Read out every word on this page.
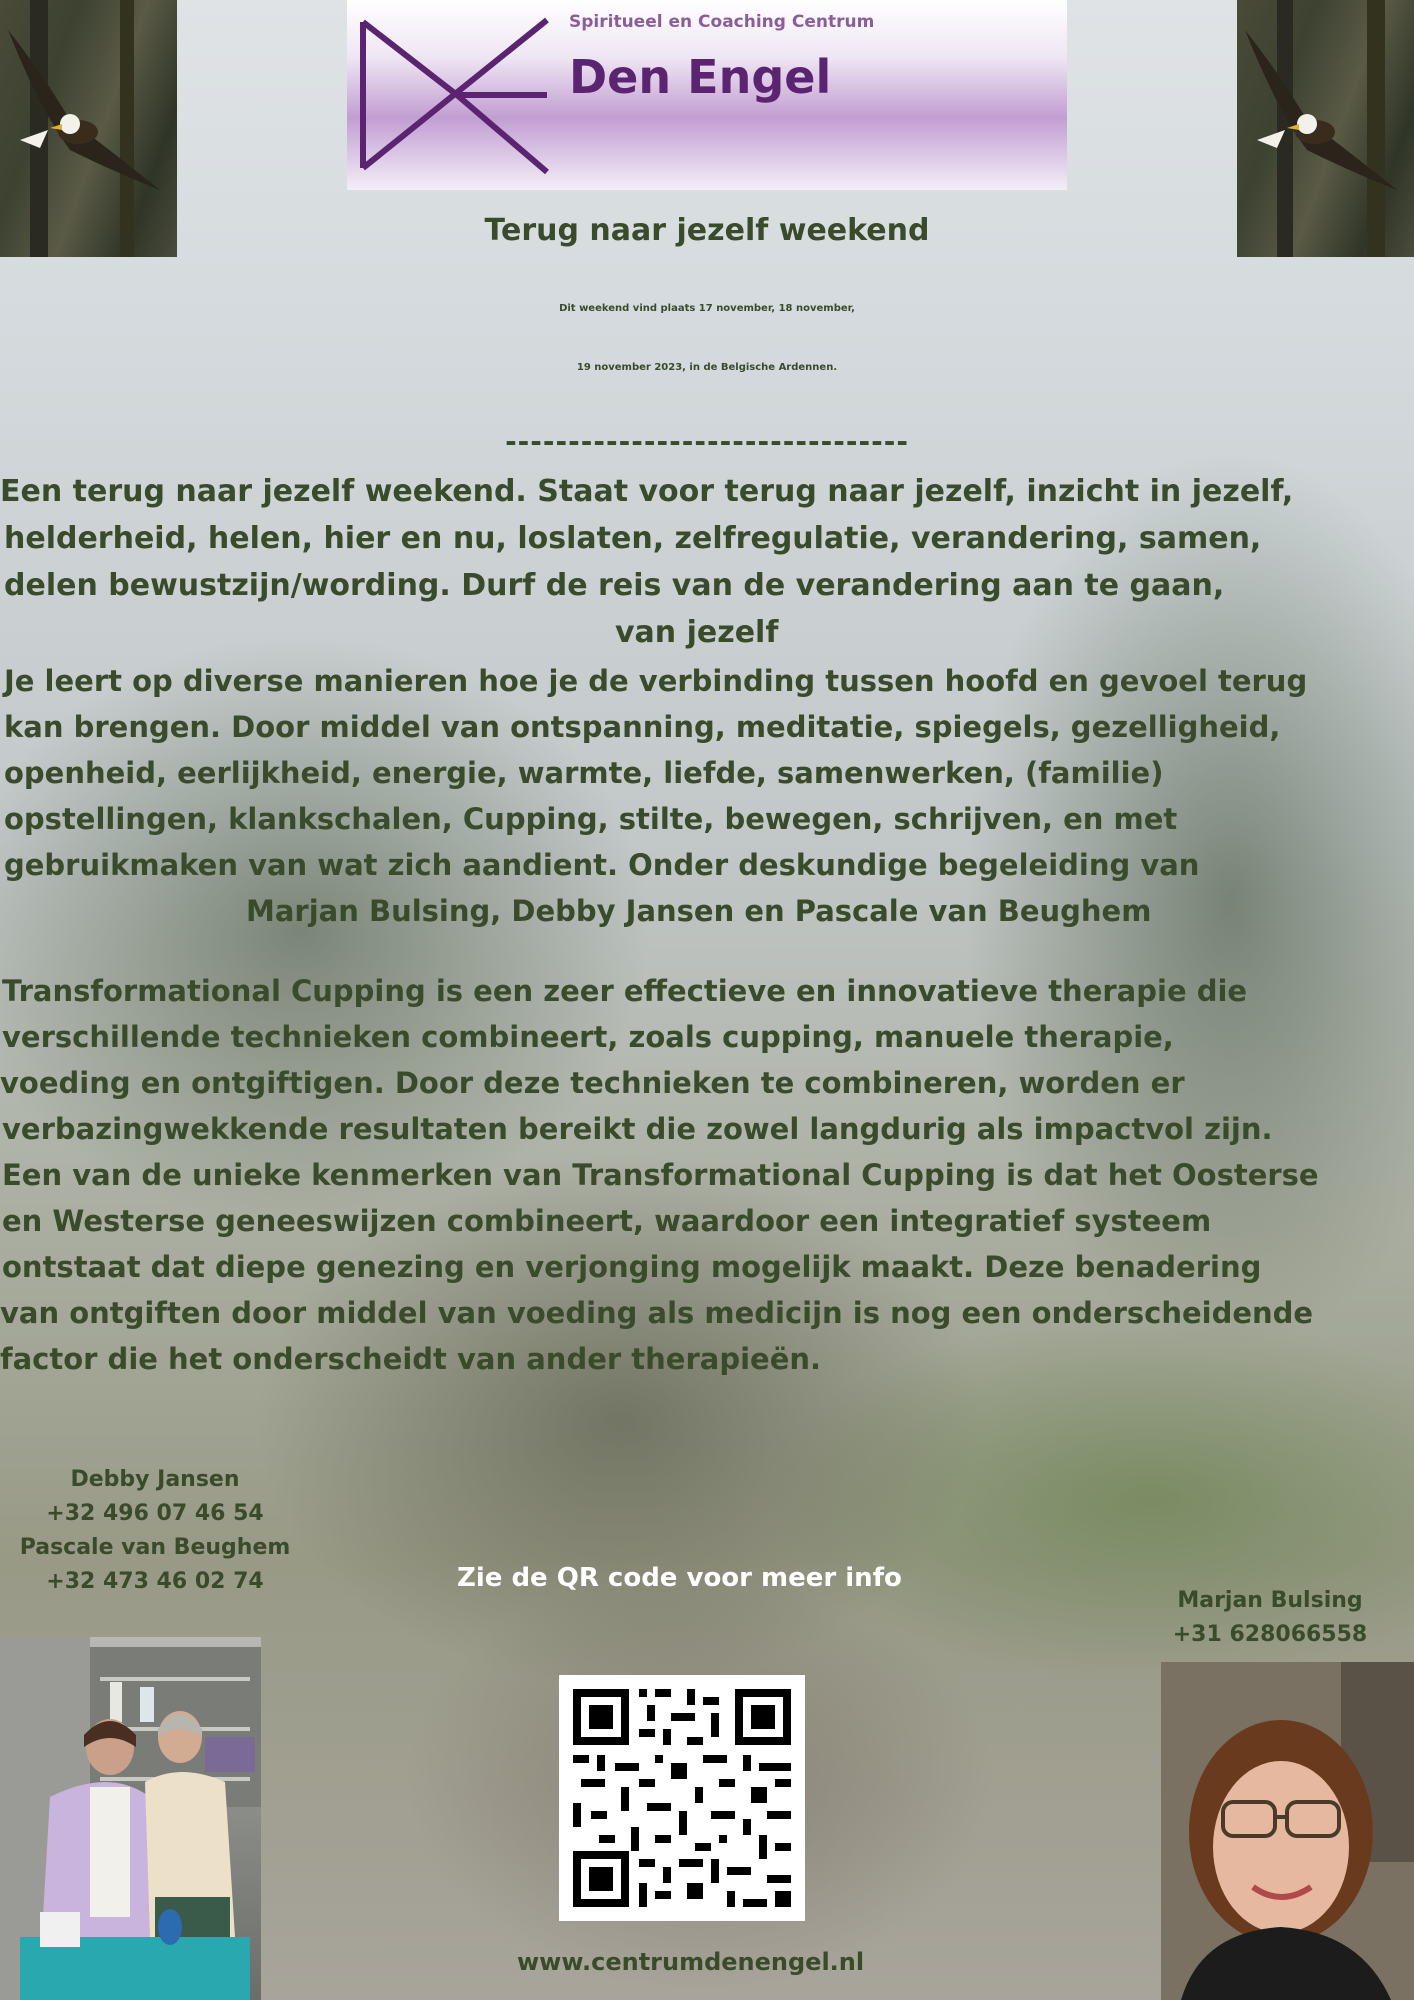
Spiritueel en Coaching Centrum
Den Engel
Terug naar jezelf weekend
Dit weekend vind plaats 17 november, 18 november,
19 november 2023, in de Belgische Ardennen.
--------------------------------
Een terug naar jezelf weekend. Staat voor terug naar jezelf, inzicht in jezelf,
helderheid, helen, hier en nu, loslaten, zelfregulatie, verandering, samen,
delen bewustzijn/wording. Durf de reis van de verandering aan te gaan,
van jezelf
Je leert op diverse manieren hoe je de verbinding tussen hoofd en gevoel terug
kan brengen. Door middel van ontspanning, meditatie, spiegels, gezelligheid,
openheid, eerlijkheid, energie, warmte, liefde, samenwerken, (familie)
opstellingen, klankschalen, Cupping, stilte, bewegen, schrijven, en met
gebruikmaken van wat zich aandient. Onder deskundige begeleiding van
Marjan Bulsing, Debby Jansen en Pascale van Beughem
Transformational Cupping is een zeer effectieve en innovatieve therapie die
verschillende technieken combineert, zoals cupping, manuele therapie,
voeding en ontgiftigen. Door deze technieken te combineren, worden er
verbazingwekkende resultaten bereikt die zowel langdurig als impactvol zijn.
Een van de unieke kenmerken van Transformational Cupping is dat het Oosterse
en Westerse geneeswijzen combineert, waardoor een integratief systeem
ontstaat dat diepe genezing en verjonging mogelijk maakt. Deze benadering
van ontgiften door middel van voeding als medicijn is nog een onderscheidende
factor die het onderscheidt van ander therapieën.
Debby Jansen
+32 496 07 46 54
Pascale van Beughem
+32 473 46 02 74
Marjan Bulsing
+31 628066558
Zie de QR code voor meer info
www.centrumdenengel.nl
